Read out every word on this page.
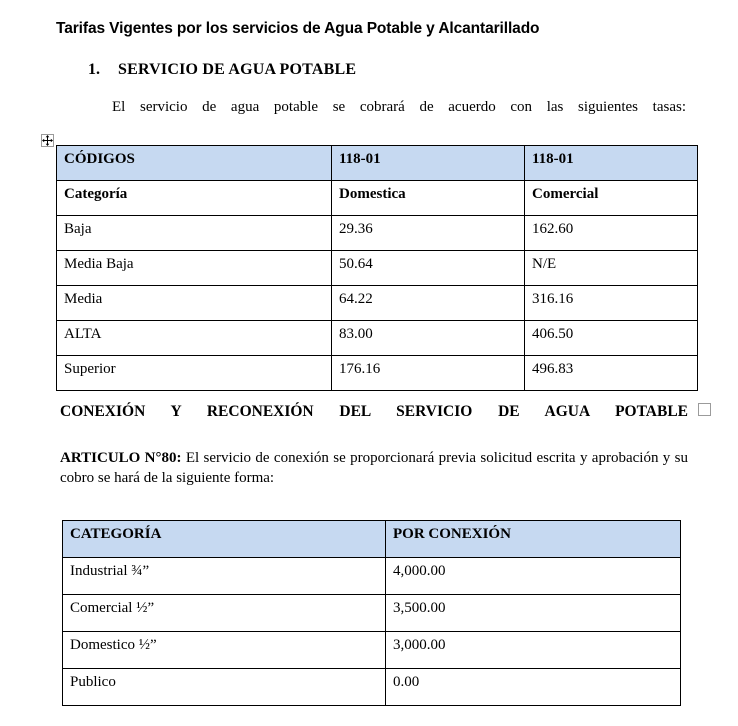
Tarifas Vigentes por los servicios de Agua Potable y Alcantarillado
1. SERVICIO DE AGUA POTABLE
El servicio de agua potable se cobrará de acuerdo con las siguientes tasas:
CÓDIGOS	118-01	118-01
Categoría	Domestica	Comercial
Baja	29.36	162.60
Media Baja	50.64	N/E
Media	64.22	316.16
ALTA	83.00	406.50
Superior	176.16	496.83
CONEXIÓN Y RECONEXIÓN DEL SERVICIO DE AGUA POTABLE
ARTICULO N°80: El servicio de conexión se proporcionará previa solicitud escrita y aprobación y su cobro se hará de la siguiente forma:
CATEGORÍA	POR CONEXIÓN
Industrial ¾”	4,000.00
Comercial ½”	3,500.00
Domestico ½”	3,000.00
Publico	0.00
